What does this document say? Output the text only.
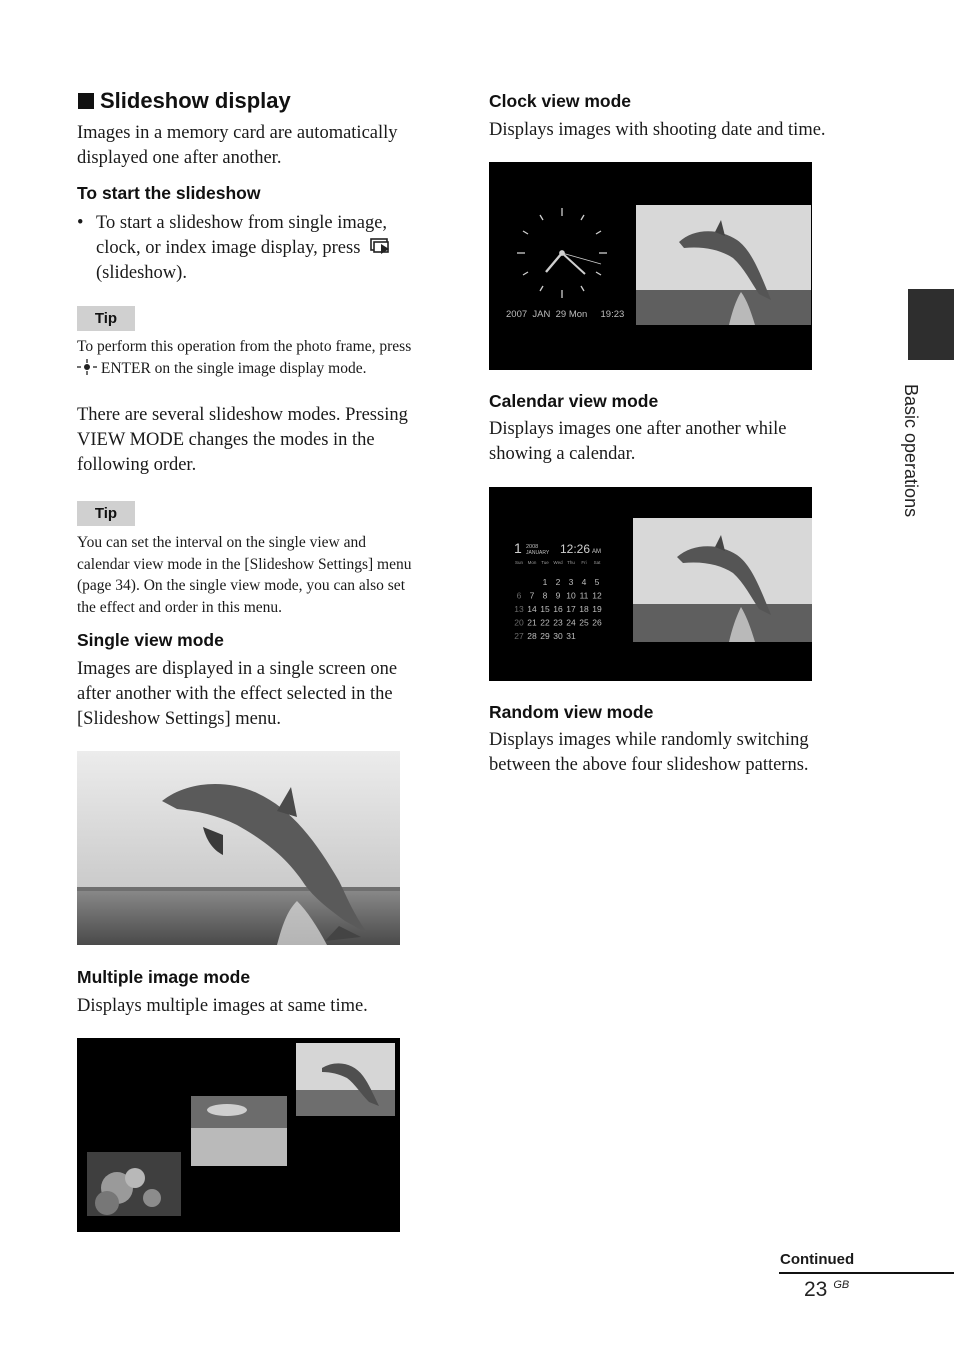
Slideshow display
Images in a memory card are automatically
displayed one after another.
To start the slideshow
• To start a slideshow from single image,
clock, or index image display, press
(slideshow).
Tip
To perform this operation from the photo frame, press
ENTER on the single image display mode.
There are several slideshow modes. Pressing
VIEW MODE changes the modes in the
following order.
Tip
You can set the interval on the single view and
calendar view mode in the [Slideshow Settings] menu
(page 34). On the single view mode, you can also set
the effect and order in this menu.
Single view mode
Images are displayed in a single screen one
after another with the effect selected in the
[Slideshow Settings] menu.
Multiple image mode
Displays multiple images at same time.
Clock view mode
Displays images with shooting date and time.
2007  JAN  29 Mon     19:23
Calendar view mode
Displays images one after another while
showing a calendar.
1 2008
JANUARY 12:26 AM
Sun Mon Tue Wed Thu Fri Sat
1 2 3 4 5
6 7 8 9 10 11 12
13 14 15 16 17 18 19
20 21 22 23 24 25 26
27 28 29 30 31
Random view mode
Displays images while randomly switching
between the above four slideshow patterns.
Basic operations
Continued
23 $^{GB}$
